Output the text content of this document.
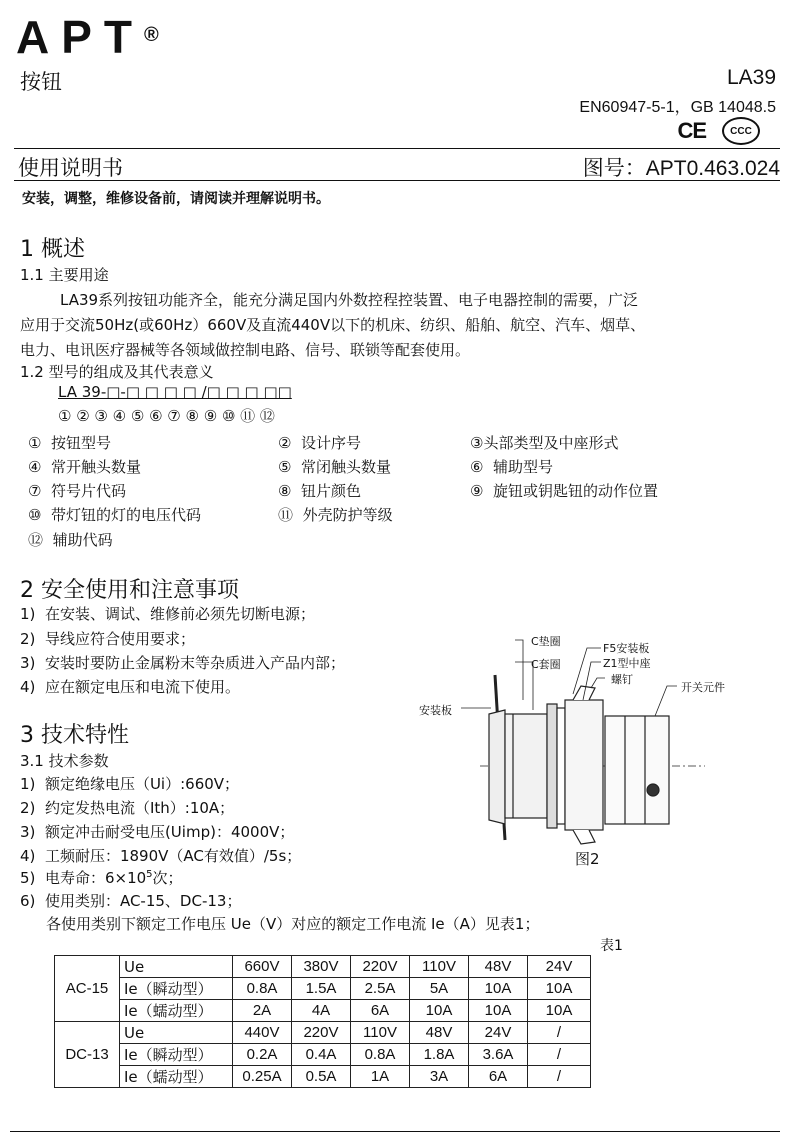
APT®
按钮	LA39
EN60947-5-1，GB 14048.5
CE	CCC
使用说明书	图号：APT0.463.024
安装，调整，维修设备前，请阅读并理解说明书。
1 概述
1.1 主要用途
LA39系列按钮功能齐全，能充分满足国内外数控程控装置、电子电器控制的需要，广泛
应用于交流50Hz(或60Hz）660V及直流440V以下的机床、纺织、船舶、航空、汽车、烟草、
电力、电讯医疗器械等各领域做控制电路、信号、联锁等配套使用。
1.2 型号的组成及其代表意义
LA 39-□-□ □ □ □ /□ □ □ □□
① ② ③ ④ ⑤ ⑥ ⑦ ⑧ ⑨ ⑩ ⑪ ⑫
① 按钮型号	② 设计序号	③头部类型及中座形式
④ 常开触头数量	⑤ 常闭触头数量	⑥ 辅助型号
⑦ 符号片代码	⑧ 钮片颜色	⑨ 旋钮或钥匙钮的动作位置
⑩ 带灯钮的灯的电压代码	⑪ 外壳防护等级
⑫ 辅助代码
2 安全使用和注意事项
1) 在安装、调试、维修前必须先切断电源；
2) 导线应符合使用要求；
3) 安装时要防止金属粉末等杂质进入产品内部；
4) 应在额定电压和电流下使用。
3 技术特性
3.1 技术参数
1) 额定绝缘电压（Ui）:660V；
2) 约定发热电流（Ith）:10A；
3) 额定冲击耐受电压(Uimp)：4000V；
4) 工频耐压：1890V（AC有效值）/5s；
5) 电寿命：$6\times 10^5$次；
6) 使用类别：AC-15、DC-13；
各使用类别下额定工作电压 Ue（V）对应的额定工作电流 Ie（A）见表1；
表1
AC-15	Ue	660V	380V	220V	110V	48V	24V
	Ie（瞬动型）	0.8A	1.5A	2.5A	5A	10A	10A
	Ie（蠕动型）	2A	4A	6A	10A	10A	10A
DC-13	Ue	440V	220V	110V	48V	24V	/
	Ie（瞬动型）	0.2A	0.4A	0.8A	1.8A	3.6A	/
	Ie（蠕动型）	0.25A	0.5A	1A	3A	6A	/
C垫圈
C套圈
F5安装板
Z1型中座
螺钉
开关元件
安装板
图2
